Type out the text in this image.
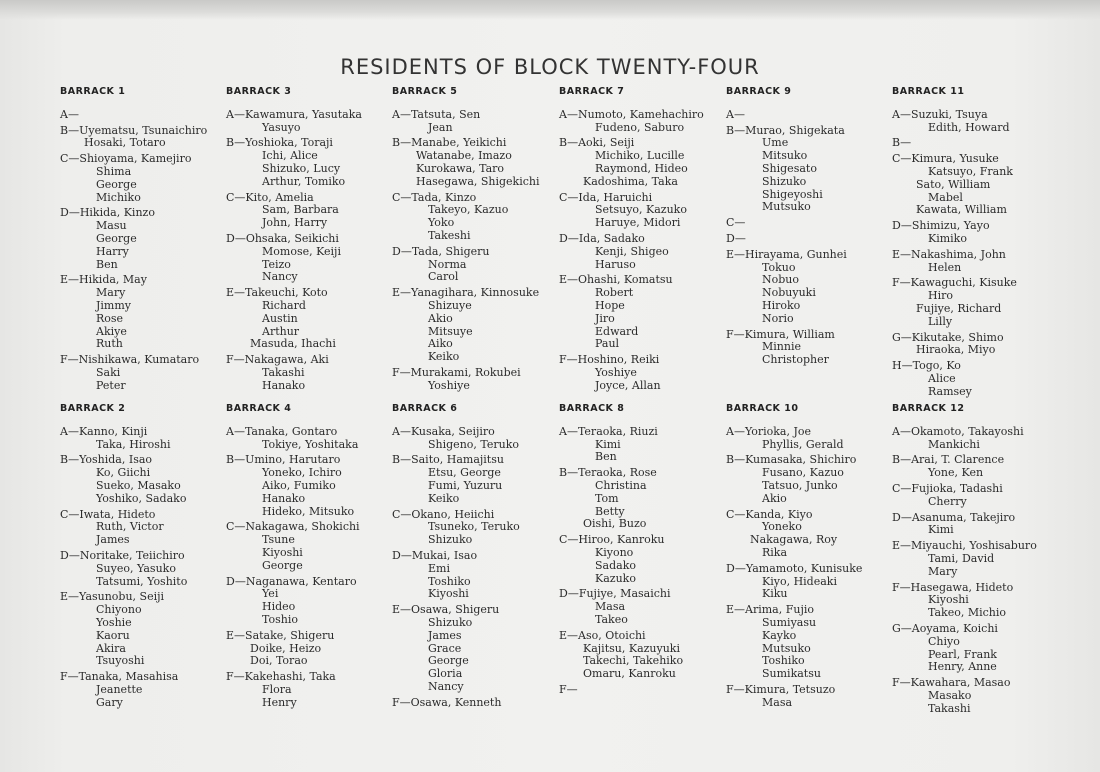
RESIDENTS OF BLOCK TWENTY-FOUR
BARRACK 1
A—
B—Uyematsu, Tsunaichiro
Hosaki, Totaro
C—Shioyama, Kamejiro
Shima
George
Michiko
D—Hikida, Kinzo
Masu
George
Harry
Ben
E—Hikida, May
Mary
Jimmy
Rose
Akiye
Ruth
F—Nishikawa, Kumataro
Saki
Peter
BARRACK 3
A—Kawamura, Yasutaka
Yasuyo
B—Yoshioka, Toraji
Ichi, Alice
Shizuko, Lucy
Arthur, Tomiko
C—Kito, Amelia
Sam, Barbara
John, Harry
D—Ohsaka, Seikichi
Momose, Keiji
Teizo
Nancy
E—Takeuchi, Koto
Richard
Austin
Arthur
Masuda, Ihachi
F—Nakagawa, Aki
Takashi
Hanako
BARRACK 5
A—Tatsuta, Sen
Jean
B—Manabe, Yeikichi
Watanabe, Imazo
Kurokawa, Taro
Hasegawa, Shigekichi
C—Tada, Kinzo
Takeyo, Kazuo
Yoko
Takeshi
D—Tada, Shigeru
Norma
Carol
E—Yanagihara, Kinnosuke
Shizuye
Akio
Mitsuye
Aiko
Keiko
F—Murakami, Rokubei
Yoshiye
BARRACK 7
A—Numoto, Kamehachiro
Fudeno, Saburo
B—Aoki, Seiji
Michiko, Lucille
Raymond, Hideo
Kadoshima, Taka
C—Ida, Haruichi
Setsuyo, Kazuko
Haruye, Midori
D—Ida, Sadako
Kenji, Shigeo
Haruso
E—Ohashi, Komatsu
Robert
Hope
Jiro
Edward
Paul
F—Hoshino, Reiki
Yoshiye
Joyce, Allan
BARRACK 9
A—
B—Murao, Shigekata
Ume
Mitsuko
Shigesato
Shizuko
Shigeyoshi
Mutsuko
C—
D—
E—Hirayama, Gunhei
Tokuo
Nobuo
Nobuyuki
Hiroko
Norio
F—Kimura, William
Minnie
Christopher
BARRACK 11
A—Suzuki, Tsuya
Edith, Howard
B—
C—Kimura, Yusuke
Katsuyo, Frank
Sato, William
Mabel
Kawata, William
D—Shimizu, Yayo
Kimiko
E—Nakashima, John
Helen
F—Kawaguchi, Kisuke
Hiro
Fujiye, Richard
Lilly
G—Kikutake, Shimo
Hiraoka, Miyo
H—Togo, Ko
Alice
Ramsey
BARRACK 2
A—Kanno, Kinji
Taka, Hiroshi
B—Yoshida, Isao
Ko, Giichi
Sueko, Masako
Yoshiko, Sadako
C—Iwata, Hideto
Ruth, Victor
James
D—Noritake, Teiichiro
Suyeo, Yasuko
Tatsumi, Yoshito
E—Yasunobu, Seiji
Chiyono
Yoshie
Kaoru
Akira
Tsuyoshi
F—Tanaka, Masahisa
Jeanette
Gary
BARRACK 4
A—Tanaka, Gontaro
Tokiye, Yoshitaka
B—Umino, Harutaro
Yoneko, Ichiro
Aiko, Fumiko
Hanako
Hideko, Mitsuko
C—Nakagawa, Shokichi
Tsune
Kiyoshi
George
D—Naganawa, Kentaro
Yei
Hideo
Toshio
E—Satake, Shigeru
Doike, Heizo
Doi, Torao
F—Kakehashi, Taka
Flora
Henry
BARRACK 6
A—Kusaka, Seijiro
Shigeno, Teruko
B—Saito, Hamajitsu
Etsu, George
Fumi, Yuzuru
Keiko
C—Okano, Heiichi
Tsuneko, Teruko
Shizuko
D—Mukai, Isao
Emi
Toshiko
Kiyoshi
E—Osawa, Shigeru
Shizuko
James
Grace
George
Gloria
Nancy
F—Osawa, Kenneth
BARRACK 8
A—Teraoka, Riuzi
Kimi
Ben
B—Teraoka, Rose
Christina
Tom
Betty
Oishi, Buzo
C—Hiroo, Kanroku
Kiyono
Sadako
Kazuko
D—Fujiye, Masaichi
Masa
Takeo
E—Aso, Otoichi
Kajitsu, Kazuyuki
Takechi, Takehiko
Omaru, Kanroku
F—
BARRACK 10
A—Yorioka, Joe
Phyllis, Gerald
B—Kumasaka, Shichiro
Fusano, Kazuo
Tatsuo, Junko
Akio
C—Kanda, Kiyo
Yoneko
Nakagawa, Roy
Rika
D—Yamamoto, Kunisuke
Kiyo, Hideaki
Kiku
E—Arima, Fujio
Sumiyasu
Kayko
Mutsuko
Toshiko
Sumikatsu
F—Kimura, Tetsuzo
Masa
BARRACK 12
A—Okamoto, Takayoshi
Mankichi
B—Arai, T. Clarence
Yone, Ken
C—Fujioka, Tadashi
Cherry
D—Asanuma, Takejiro
Kimi
E—Miyauchi, Yoshisaburo
Tami, David
Mary
F—Hasegawa, Hideto
Kiyoshi
Takeo, Michio
G—Aoyama, Koichi
Chiyo
Pearl, Frank
Henry, Anne
F—Kawahara, Masao
Masako
Takashi
